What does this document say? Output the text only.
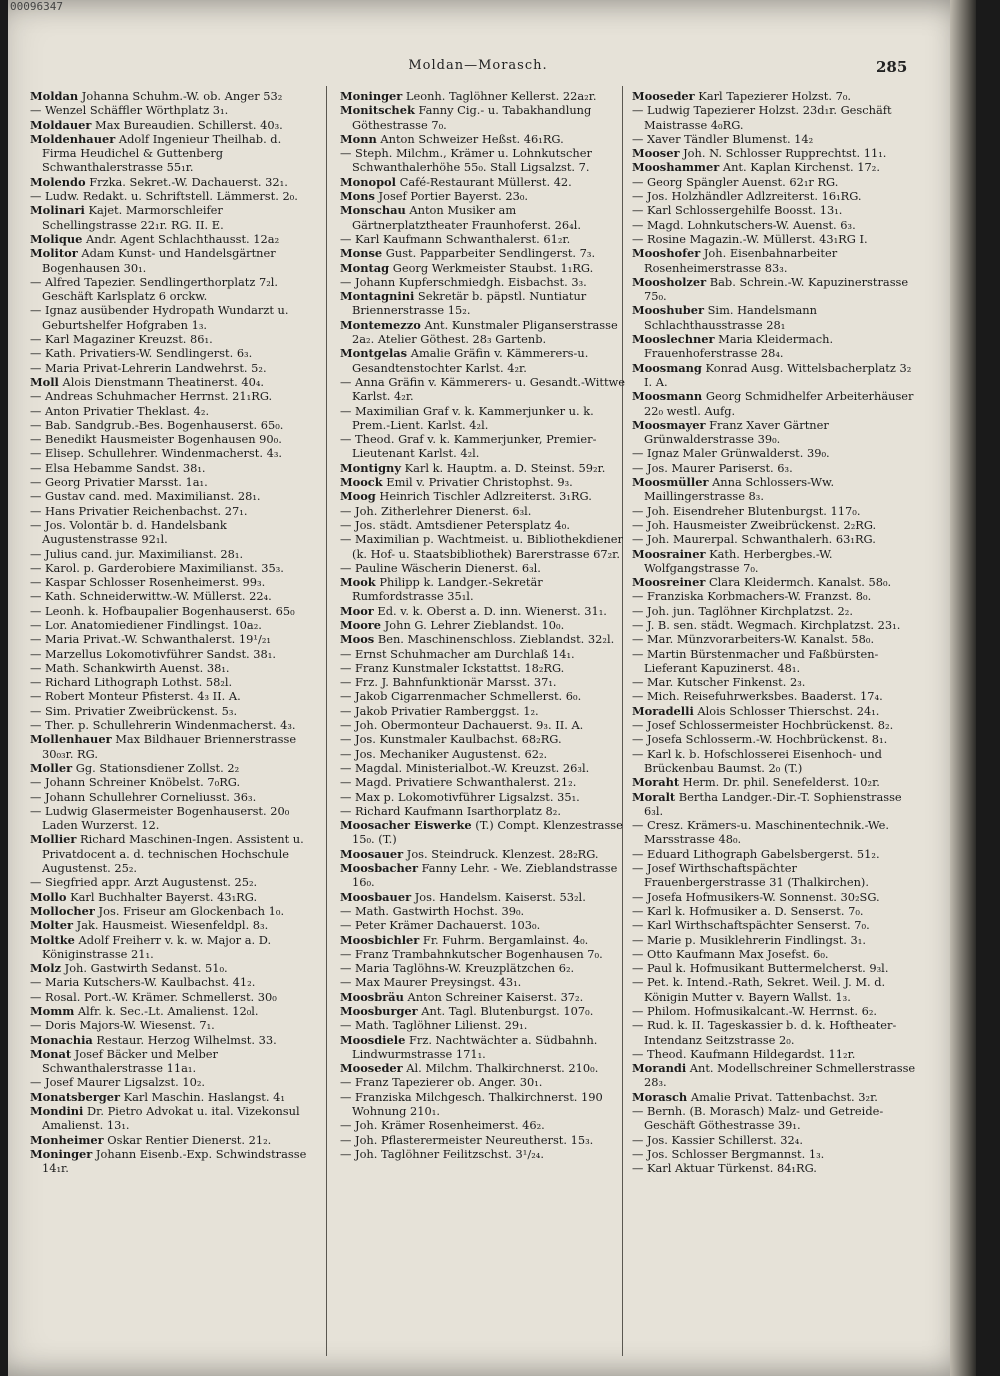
00096347
Moldan—Morasch.	285

Moldan Johanna Schuhm.-W. ob. Anger 53₂

— Wenzel Schäffler Wörthplatz 3₁.

Moldauer Max Bureaudien. Schillerst. 40₃.

Moldenhauer Adolf Ingenieur Theilhab. d. Firma Heudichel & Guttenberg Schwanthalerstrasse 55₁r.

Molendo Frzka. Sekret.-W. Dachauerst. 32₁.

— Ludw. Redakt. u. Schriftstell. Lämmerst. 2₀.

Molinari Kajet. Marmorschleifer Schellingstrasse 22₁r. RG. II. E.

Molique Andr. Agent Schlachthausst. 12a₂

Molitor Adam Kunst- und Handelsgärtner Bogenhausen 30₁.

— Alfred Tapezier. Sendlingerthorplatz 7₂l. Geschäft Karlsplatz 6 orckw.

— Ignaz ausübender Hydropath Wundarzt u. Geburtshelfer Hofgraben 1₃.

— Karl Magaziner Kreuzst. 86₁.

— Kath. Privatiers-W. Sendlingerst. 6₃.

— Maria Privat-Lehrerin Landwehrst. 5₂.

Moll Alois Dienstmann Theatinerst. 40₄.

— Andreas Schuhmacher Herrnst. 21₁RG.

— Anton Privatier Theklast. 4₂.

— Bab. Sandgrub.-Bes. Bogenhauserst. 65₀.

— Benedikt Hausmeister Bogenhausen 90₀.

— Elisep. Schullehrer. Windenmacherst. 4₃.

— Elsa Hebamme Sandst. 38₁.

— Georg Privatier Marsst. 1a₁.

— Gustav cand. med. Maximilianst. 28₁.

— Hans Privatier Reichenbachst. 27₁.

— Jos. Volontär b. d. Handelsbank Augustenstrasse 92₁l.

— Julius cand. jur. Maximilianst. 28₁.

— Karol. p. Garderobiere Maximilianst. 35₃.

— Kaspar Schlosser Rosenheimerst. 99₃.

— Kath. Schneiderwittw.-W. Müllerst. 22₄.

— Leonh. k. Hofbaupalier Bogenhauserst. 65₀

— Lor. Anatomiediener Findlingst. 10a₂.

— Maria Privat.-W. Schwanthalerst. 19¹/₂₁

— Marzellus Lokomotivführer Sandst. 38₁.

— Math. Schankwirth Auenst. 38₁.

— Richard Lithograph Lothst. 58₂l.

— Robert Monteur Pfisterst. 4₃ II. A.

— Sim. Privatier Zweibrückenst. 5₃.

— Ther. p. Schullehrerin Windenmacherst. 4₃.

Mollenhauer Max Bildhauer Briennerstrasse 30₀₃r. RG.

Moller Gg. Stationsdiener Zollst. 2₂

— Johann Schreiner Knöbelst. 7₀RG.

— Johann Schullehrer Corneliusst. 36₃.

— Ludwig Glasermeister Bogenhauserst. 20₀ Laden Wurzerst. 12.

Mollier Richard Maschinen-Ingen. Assistent u. Privatdocent a. d. technischen Hochschule Augustenst. 25₂.

— Siegfried appr. Arzt Augustenst. 25₂.

Mollo Karl Buchhalter Bayerst. 43₁RG.

Mollocher Jos. Friseur am Glockenbach 1₀.

Molter Jak. Hausmeist. Wiesenfeldpl. 8₃.

Moltke Adolf Freiherr v. k. w. Major a. D. Königinstrasse 21₁.

Molz Joh. Gastwirth Sedanst. 51₀.

— Maria Kutschers-W. Kaulbachst. 41₂.

— Rosal. Port.-W. Krämer. Schmellerst. 30₀

Momm Alfr. k. Sec.-Lt. Amalienst. 12₀l.

— Doris Majors-W. Wiesenst. 7₁.

Monachia Restaur. Herzog Wilhelmst. 33.

Monat Josef Bäcker und Melber Schwanthalerstrasse 11a₁.

— Josef Maurer Ligsalzst. 10₂.

Monatsberger Karl Maschin. Haslangst. 4₁

Mondini Dr. Pietro Advokat u. ital. Vizekonsul Amalienst. 13₁.

Monheimer Oskar Rentier Dienerst. 21₂.

Moninger Johann Eisenb.-Exp. Schwindstrasse 14₁r.

Moninger Leonh. Taglöhner Kellerst. 22a₂r.

Monitschek Fanny Cig.- u. Tabakhandlung Göthestrasse 7₀.

Monn Anton Schweizer Heßst. 46₁RG.

— Steph. Milchm., Krämer u. Lohnkutscher Schwanthalerhöhe 55₀. Stall Ligsalzst. 7.

Monopol Café-Restaurant Müllerst. 42.

Mons Josef Portier Bayerst. 23₀.

Monschau Anton Musiker am Gärtnerplatztheater Fraunhoferst. 26₄l.

— Karl Kaufmann Schwanthalerst. 61₂r.

Monse Gust. Papparbeiter Sendlingerst. 7₃.

Montag Georg Werkmeister Staubst. 1₁RG.

— Johann Kupferschmiedgh. Eisbachst. 3₃.

Montagnini Sekretär b. päpstl. Nuntiatur Briennerstrasse 15₂.

Montemezzo Ant. Kunstmaler Pliganserstrasse 2a₂. Atelier Göthest. 28₃ Gartenb.

Montgelas Amalie Gräfin v. Kämmerers-u. Gesandtenstochter Karlst. 4₂r.

— Anna Gräfin v. Kämmerers- u. Gesandt.-Wittwe Karlst. 4₂r.

— Maximilian Graf v. k. Kammerjunker u. k. Prem.-Lient. Karlst. 4₂l.

— Theod. Graf v. k. Kammerjunker, Premier-Lieutenant Karlst. 4₂l.

Montigny Karl k. Hauptm. a. D. Steinst. 59₂r.

Moock Emil v. Privatier Christophst. 9₃.

Moog Heinrich Tischler Adlzreiterst. 3₁RG.

— Joh. Zitherlehrer Dienerst. 6₃l.

— Jos. städt. Amtsdiener Petersplatz 4₀.

— Maximilian p. Wachtmeist. u. Bibliothekdiener (k. Hof- u. Staatsbibliothek) Barerstrasse 67₂r.

— Pauline Wäscherin Dienerst. 6₃l.

Mook Philipp k. Landger.-Sekretär Rumfordstrasse 35₁l.

Moor Ed. v. k. Oberst a. D. inn. Wienerst. 31₁.

Moore John G. Lehrer Zieblandst. 10₀.

Moos Ben. Maschinenschloss. Zieblandst. 32₂l.

— Ernst Schuhmacher am Durchlaß 14₁.

— Franz Kunstmaler Ickstattst. 18₂RG.

— Frz. J. Bahnfunktionär Marsst. 37₁.

— Jakob Cigarrenmacher Schmellerst. 6₀.

— Jakob Privatier Ramberggst. 1₂.

— Joh. Obermonteur Dachauerst. 9₃. II. A.

— Jos. Kunstmaler Kaulbachst. 68₂RG.

— Jos. Mechaniker Augustenst. 62₂.

— Magdal. Ministerialbot.-W. Kreuzst. 26₃l.

— Magd. Privatiere Schwanthalerst. 21₂.

— Max p. Lokomotivführer Ligsalzst. 35₁.

— Richard Kaufmann Isarthorplatz 8₂.

Moosacher Eiswerke (T.) Compt. Klenzestrasse 15₀. (T.)

Moosauer Jos. Steindruck. Klenzest. 28₂RG.

Moosbacher Fanny Lehr. - We. Zieblandstrasse 16₀.

Moosbauer Jos. Handelsm. Kaiserst. 53₂l.

— Math. Gastwirth Hochst. 39₀.

— Peter Krämer Dachauerst. 103₀.

Moosbichler Fr. Fuhrm. Bergamlainst. 4₀.

— Franz Trambahnkutscher Bogenhausen 7₀.

— Maria Taglöhns-W. Kreuzplätzchen 6₂.

— Max Maurer Preysingst. 43₁.

Moosbräu Anton Schreiner Kaiserst. 37₂.

Moosburger Ant. Tagl. Blutenburgst. 107₀.

— Math. Taglöhner Lilienst. 29₁.

Moosdiele Frz. Nachtwächter a. Südbahnh. Lindwurmstrasse 171₁.

Mooseder Al. Milchm. Thalkirchnerst. 210₀.

— Franz Tapezierer ob. Anger. 30₁.

— Franziska Milchgesch. Thalkirchnerst. 190 Wohnung 210₁.

— Joh. Krämer Rosenheimerst. 46₂.

— Joh. Pflasterermeister Neureutherst. 15₃.

— Joh. Taglöhner Feilitzschst. 3¹/₂₄.

Mooseder Karl Tapezierer Holzst. 7₀.

— Ludwig Tapezierer Holzst. 23d₁r. Geschäft Maistrasse 4₀RG.

— Xaver Tändler Blumenst. 14₂

Mooser Joh. N. Schlosser Rupprechtst. 11₁.

Mooshammer Ant. Kaplan Kirchenst. 17₂.

— Georg Spängler Auenst. 62₁r RG.

— Jos. Holzhändler Adlzreiterst. 16₁RG.

— Karl Schlossergehilfe Boosst. 13₁.

— Magd. Lohnkutschers-W. Auenst. 6₃.

— Rosine Magazin.-W. Müllerst. 43₁RG I.

Mooshofer Joh. Eisenbahnarbeiter Rosenheimerstrasse 83₃.

Moosholzer Bab. Schrein.-W. Kapuzinerstrasse 75₀.

Mooshuber Sim. Handelsmann Schlachthausstrasse 28₁

Mooslechner Maria Kleidermach. Frauenhoferstrasse 28₄.

Moosmang Konrad Ausg. Wittelsbacherplatz 3₂ I. A.

Moosmann Georg Schmidhelfer Arbeiterhäuser 22₀ westl. Aufg.

Moosmayer Franz Xaver Gärtner Grünwalderstrasse 39₀.

— Ignaz Maler Grünwalderst. 39₀.

— Jos. Maurer Pariserst. 6₃.

Moosmüller Anna Schlossers-Ww. Maillingerstrasse 8₃.

— Joh. Eisendreher Blutenburgst. 117₀.

— Joh. Hausmeister Zweibrückenst. 2₂RG.

— Joh. Maurerpal. Schwanthalerh. 63₁RG.

Moosrainer Kath. Herbergbes.-W. Wolfgangstrasse 7₀.

Moosreiner Clara Kleidermch. Kanalst. 58₀.

— Franziska Korbmachers-W. Franzst. 8₀.

— Joh. jun. Taglöhner Kirchplatzst. 2₂.

— J. B. sen. städt. Wegmach. Kirchplatzst. 23₁.

— Mar. Münzvorarbeiters-W. Kanalst. 58₀.

— Martin Bürstenmacher und Faßbürsten-Lieferant Kapuzinerst. 48₁.

— Mar. Kutscher Finkenst. 2₃.

— Mich. Reisefuhrwerksbes. Baaderst. 17₄.

Moradelli Alois Schlosser Thierschst. 24₁.

— Josef Schlossermeister Hochbrückenst. 8₂.

— Josefa Schlosserm.-W. Hochbrückenst. 8₁.

— Karl k. b. Hofschlosserei Eisenhoch- und Brückenbau Baumst. 2₀ (T.)

Moraht Herm. Dr. phil. Senefelderst. 10₂r.

Moralt Bertha Landger.-Dir.-T. Sophienstrasse 6₃l.

— Cresz. Krämers-u. Maschinentechnik.-We. Marsstrasse 48₀.

— Eduard Lithograph Gabelsbergerst. 51₂.

— Josef Wirthschaftspächter Frauenbergerstrasse 31 (Thalkirchen).

— Josefa Hofmusikers-W. Sonnenst. 30₂SG.

— Karl k. Hofmusiker a. D. Senserst. 7₀.

— Karl Wirthschaftspächter Senserst. 7₀.

— Marie p. Musiklehrerin Findlingst. 3₁.

— Otto Kaufmann Max Josefst. 6₀.

— Paul k. Hofmusikant Buttermelcherst. 9₃l.

— Pet. k. Intend.-Rath, Sekret. Weil. J. M. d. Königin Mutter v. Bayern Wallst. 1₃.

— Philom. Hofmusikalcant.-W. Herrnst. 6₂.

— Rud. k. II. Tageskassier b. d. k. Hoftheater-Intendanz Seitzstrasse 2₀.

— Theod. Kaufmann Hildegardst. 11₂r.

Morandi Ant. Modellschreiner Schmellerstrasse 28₃.

Morasch Amalie Privat. Tattenbachst. 3₂r.

— Bernh. (B. Morasch) Malz- und Getreide-Geschäft Göthestrasse 39₁.

— Jos. Kassier Schillerst. 32₄.

— Jos. Schlosser Bergmannst. 1₃.

— Karl Aktuar Türkenst. 84₁RG.
